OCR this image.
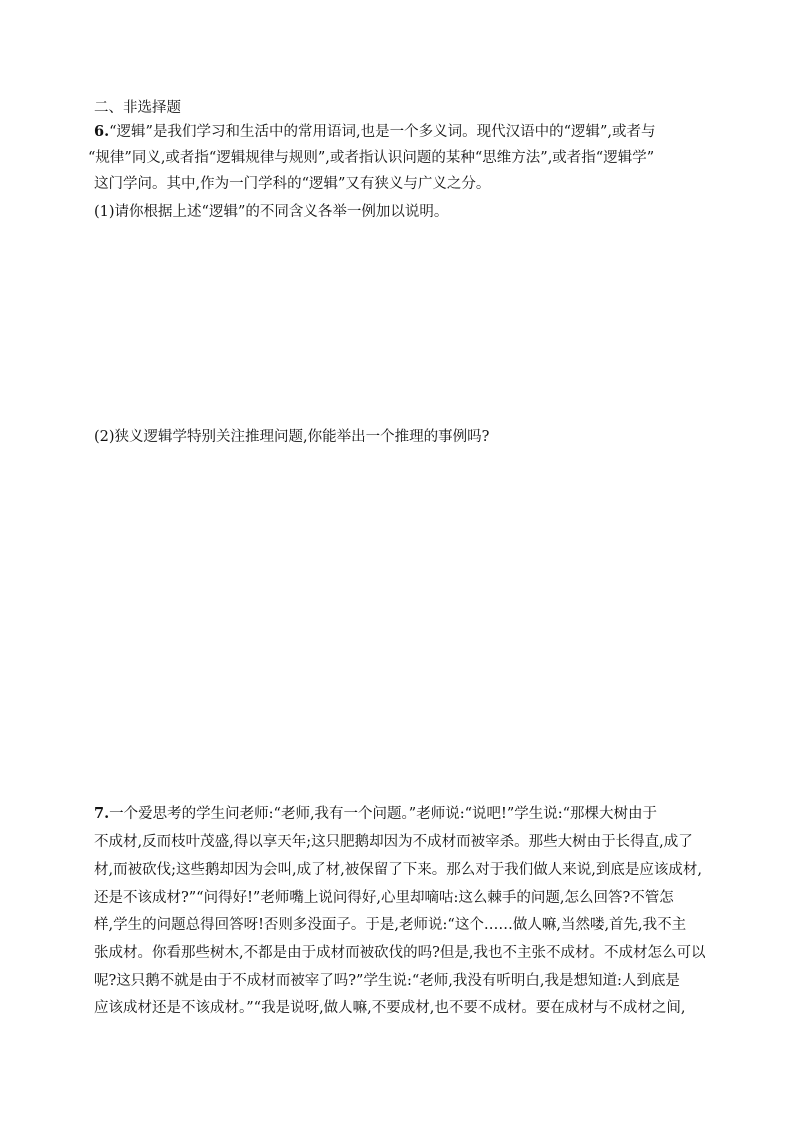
二、非选择题
6.“逻辑”是我们学习和生活中的常用语词,也是一个多义词。现代汉语中的“逻辑”,或者与
“规律”同义,或者指“逻辑规律与规则”,或者指认识问题的某种“思维方法”,或者指“逻辑学”
这门学问。其中,作为一门学科的“逻辑”又有狭义与广义之分。
(1)请你根据上述“逻辑”的不同含义各举一例加以说明。
(2)狭义逻辑学特别关注推理问题,你能举出一个推理的事例吗?
7.一个爱思考的学生问老师:“老师,我有一个问题。”老师说:“说吧!”学生说:“那棵大树由于
不成材,反而枝叶茂盛,得以享天年;这只肥鹅却因为不成材而被宰杀。那些大树由于长得直,成了
材,而被砍伐;这些鹅却因为会叫,成了材,被保留了下来。那么对于我们做人来说,到底是应该成材,
还是不该成材?”“问得好!”老师嘴上说问得好,心里却嘀咕:这么棘手的问题,怎么回答?不管怎
样,学生的问题总得回答呀!否则多没面子。于是,老师说:“这个……做人嘛,当然喽,首先,我不主
张成材。你看那些树木,不都是由于成材而被砍伐的吗?但是,我也不主张不成材。不成材怎么可以
呢?这只鹅不就是由于不成材而被宰了吗?”学生说:“老师,我没有听明白,我是想知道:人到底是
应该成材还是不该成材。”“我是说呀,做人嘛,不要成材,也不要不成材。要在成材与不成材之间,
